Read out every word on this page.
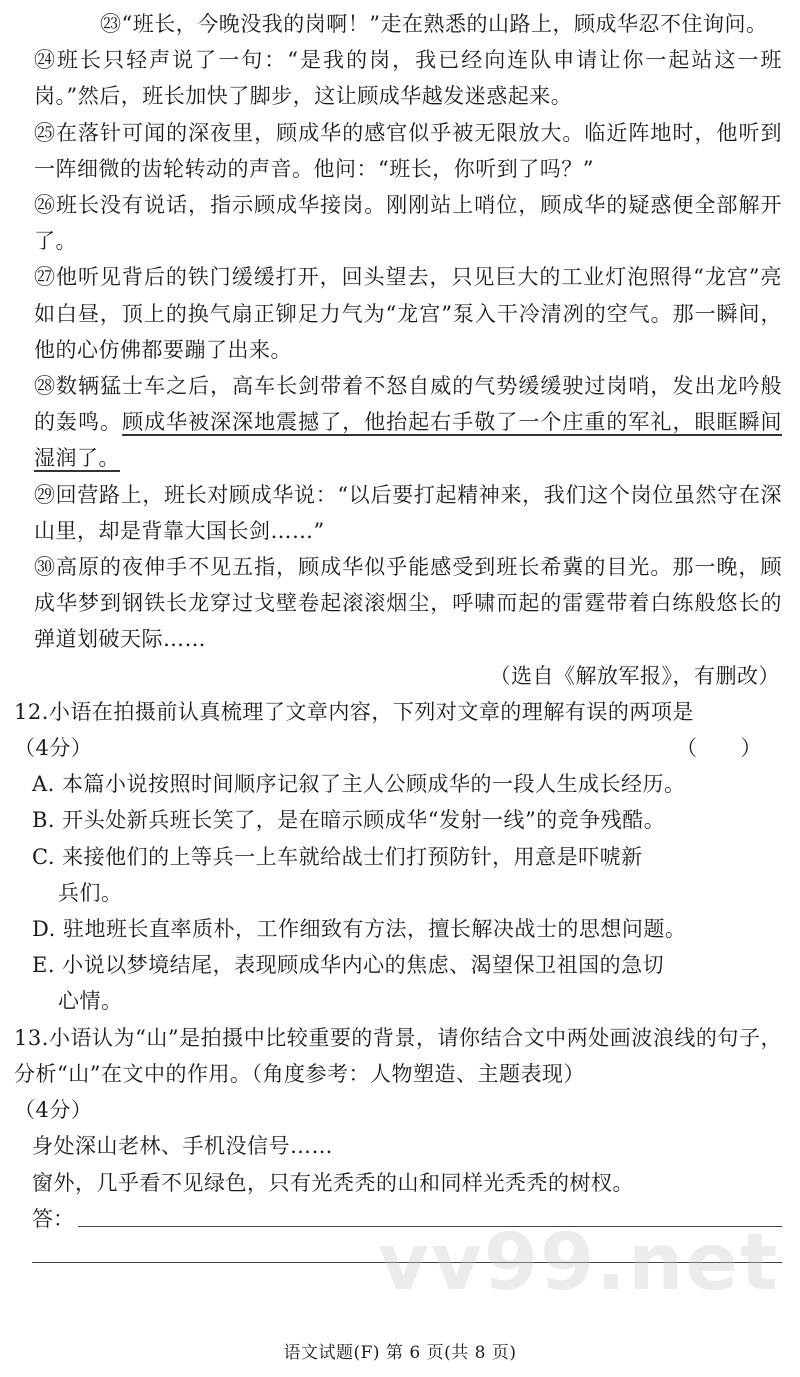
㉓“班长，今晚没我的岗啊！”走在熟悉的山路上，顾成华忍不住询问。

㉔班长只轻声说了一句：“是我的岗，我已经向连队申请让你一起站这一班岗。”然后，班长加快了脚步，这让顾成华越发迷惑起来。

㉕在落针可闻的深夜里，顾成华的感官似乎被无限放大。临近阵地时，他听到一阵细微的齿轮转动的声音。他问：“班长，你听到了吗？”

㉖班长没有说话，指示顾成华接岗。刚刚站上哨位，顾成华的疑惑便全部解开了。

㉗他听见背后的铁门缓缓打开，回头望去，只见巨大的工业灯泡照得“龙宫”亮如白昼，顶上的换气扇正铆足力气为“龙宫”泵入干冷清冽的空气。那一瞬间，他的心仿佛都要蹦了出来。

㉘数辆猛士车之后，高车长剑带着不怒自威的气势缓缓驶过岗哨，发出龙吟般的轰鸣。顾成华被深深地震撼了，他抬起右手敬了一个庄重的军礼，眼眶瞬间湿润了。

㉙回营路上，班长对顾成华说：“以后要打起精神来，我们这个岗位虽然守在深山里，却是背靠大国长剑……”

㉚高原的夜伸手不见五指，顾成华似乎能感受到班长希冀的目光。那一晚，顾成华梦到钢铁长龙穿过戈壁卷起滚滚烟尘，呼啸而起的雷霆带着白练般悠长的弹道划破天际……

（选自《解放军报》，有删改）

12.小语在拍摄前认真梳理了文章内容，下列对文章的理解有误的两项是

（4分）	（　　）

A. 本篇小说按照时间顺序记叙了主人公顾成华的一段人生成长经历。

B. 开头处新兵班长笑了，是在暗示顾成华“发射一线”的竞争残酷。

C. 来接他们的上等兵一上车就给战士们打预防针，用意是吓唬新

兵们。

D. 驻地班长直率质朴，工作细致有方法，擅长解决战士的思想问题。

E. 小说以梦境结尾，表现顾成华内心的焦虑、渴望保卫祖国的急切

心情。

13.小语认为“山”是拍摄中比较重要的背景，请你结合文中两处画波浪线的句子，分析“山”在文中的作用。（角度参考：人物塑造、主题表现）

（4分）

身处深山老林、手机没信号……

窗外，几乎看不见绿色，只有光秃秃的山和同样光秃秃的树杈。

答：	vv99.net
语文试题(F) 第 6 页(共 8 页)
